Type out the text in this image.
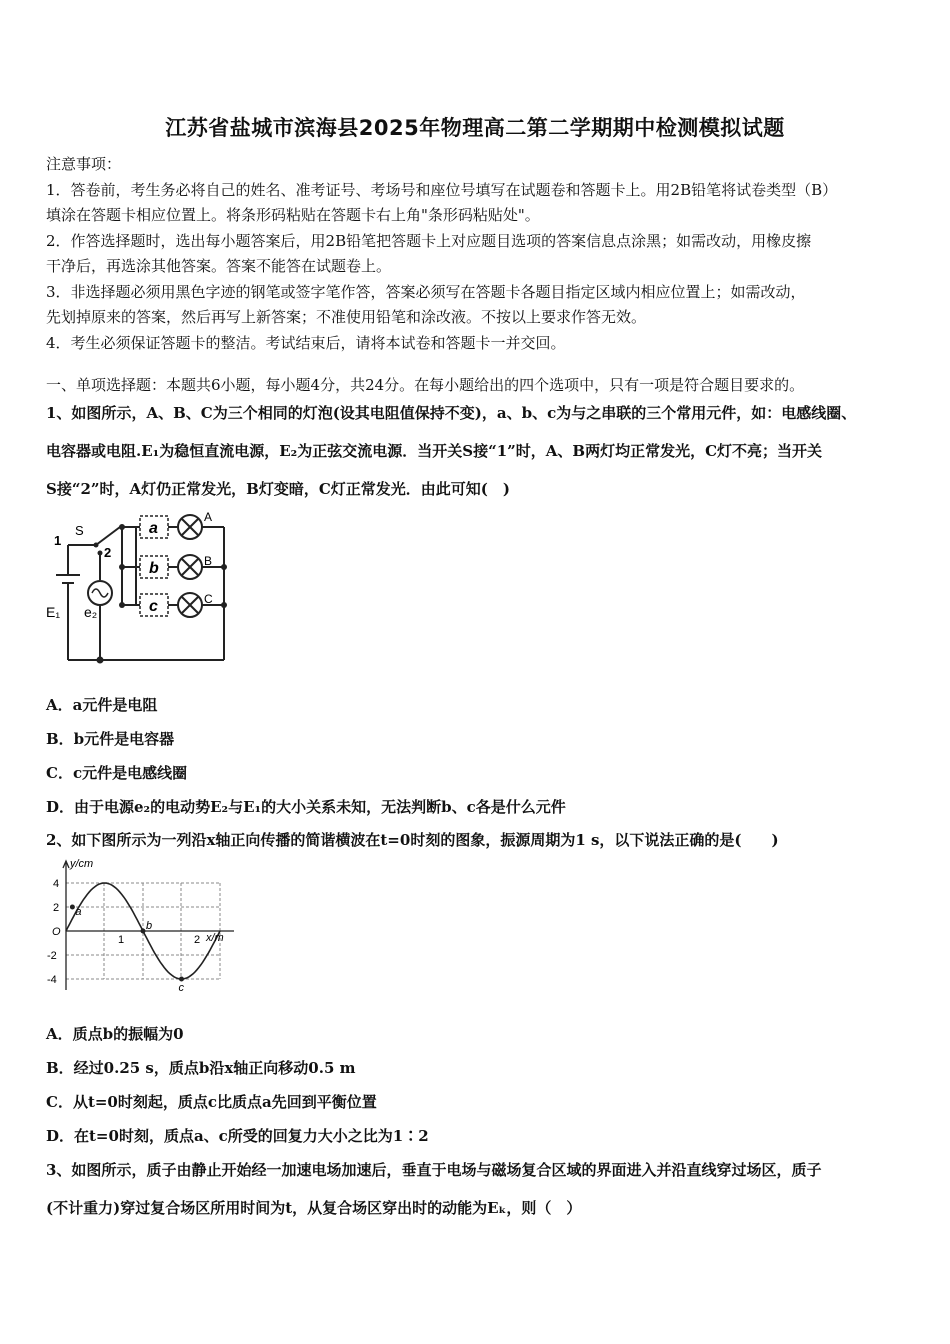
江苏省盐城市滨海县2025年物理高二第二学期期中检测模拟试题

注意事项：

1．答卷前，考生务必将自己的姓名、准考证号、考场号和座位号填写在试题卷和答题卡上。用2B铅笔将试卷类型（B）

填涂在答题卡相应位置上。将条形码粘贴在答题卡右上角"条形码粘贴处"。

2．作答选择题时，选出每小题答案后，用2B铅笔把答题卡上对应题目选项的答案信息点涂黑；如需改动，用橡皮擦

干净后，再选涂其他答案。答案不能答在试题卷上。

3．非选择题必须用黑色字迹的钢笔或签字笔作答，答案必须写在答题卡各题目指定区域内相应位置上；如需改动，

先划掉原来的答案，然后再写上新答案；不准使用铅笔和涂改液。不按以上要求作答无效。

4．考生必须保证答题卡的整洁。考试结束后，请将本试卷和答题卡一并交回。

一、单项选择题：本题共6小题，每小题4分，共24分。在每小题给出的四个选项中，只有一项是符合题目要求的。

1、如图所示，A、B、C为三个相同的灯泡(设其电阻值保持不变)，a、b、c为与之串联的三个常用元件，如：电感线圈、

电容器或电阻.E₁为稳恒直流电源，E₂为正弦交流电源．当开关S接“1”时，A、B两灯均正常发光，C灯不亮；当开关

S接“2”时，A灯仍正常发光，B灯变暗，C灯正常发光．由此可知(　)

1
S
2
E₁ e₂
a
b
c
A
B
C
A．a元件是电阻
B．b元件是电容器
C．c元件是电感线圈
D．由于电源e₂的电动势E₂与E₁的大小关系未知，无法判断b、c各是什么元件
2、如下图所示为一列沿x轴正向传播的简谐横波在t=0时刻的图象，振源周期为1 s，以下说法正确的是(　　)
a
b
c
y/cm
x/m
4
2
O
-2
-4
1	2
A．质点b的振幅为0
B．经过0.25 s，质点b沿x轴正向移动0.5 m
C．从t=0时刻起，质点c比质点a先回到平衡位置
D．在t=0时刻，质点a、c所受的回复力大小之比为1∶2

3、如图所示，质子由静止开始经一加速电场加速后，垂直于电场与磁场复合区域的界面进入并沿直线穿过场区，质子

(不计重力)穿过复合场区所用时间为t，从复合场区穿出时的动能为Eₖ，则（　）
